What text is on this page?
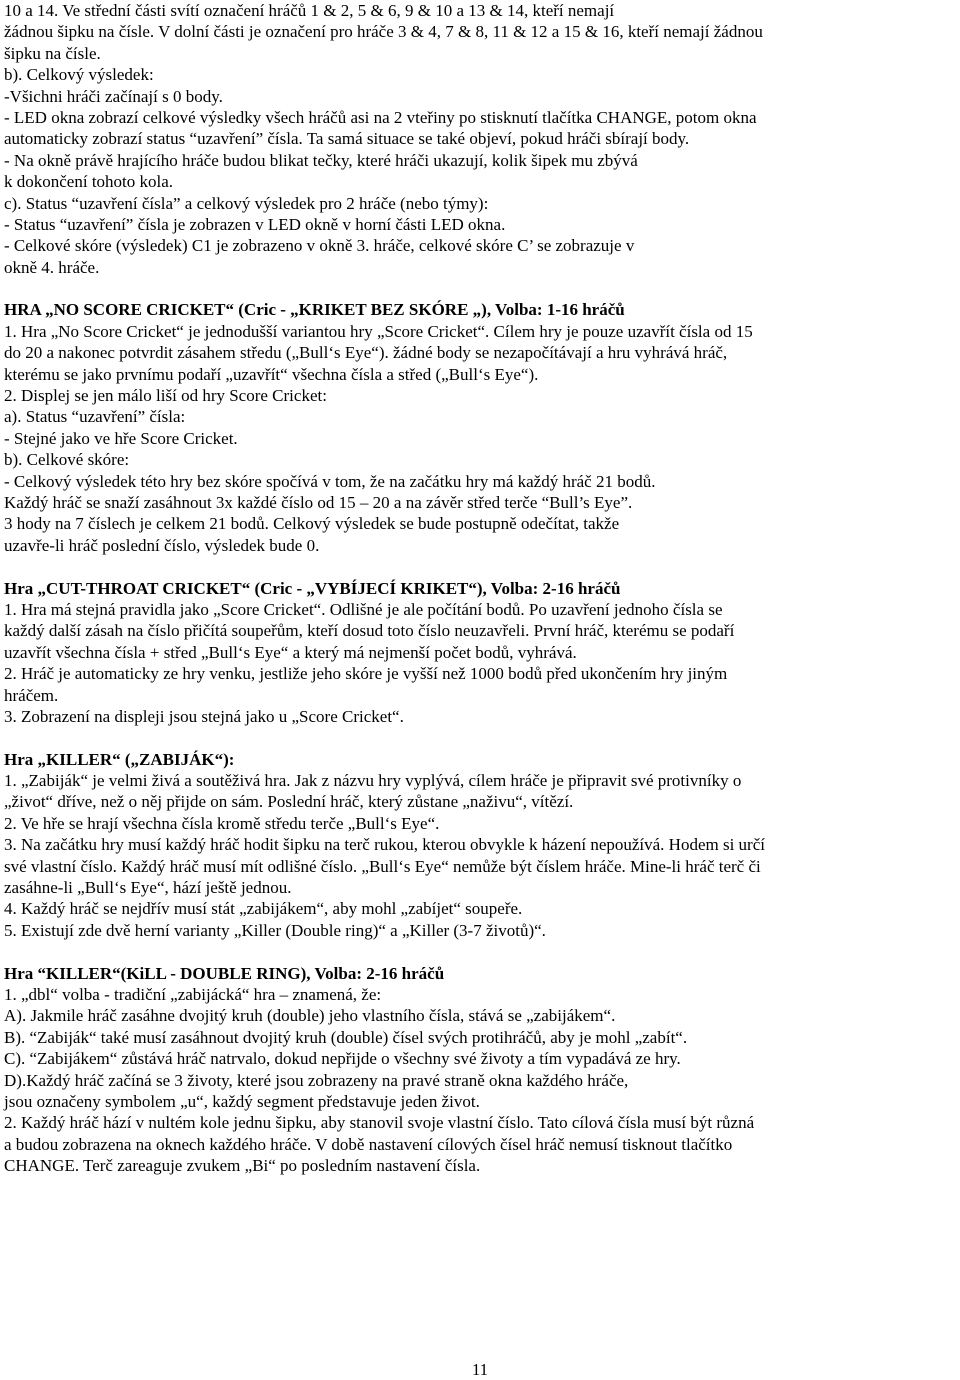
10 a 14. Ve střední části svítí označení hráčů 1 & 2, 5 & 6, 9 & 10 a 13 & 14, kteří nemají
žádnou šipku na čísle. V dolní části je označení pro hráče 3 & 4, 7 & 8, 11 & 12 a 15 & 16, kteří nemají žádnou
šipku na čísle.
b). Celkový výsledek:
-Všichni hráči začínají s 0 body.
- LED okna zobrazí celkové výsledky všech hráčů asi na 2 vteřiny po stisknutí tlačítka CHANGE, potom okna
automaticky zobrazí status “uzavření” čísla. Ta samá situace se také objeví, pokud hráči sbírají body.
- Na okně právě hrajícího hráče budou blikat tečky, které hráči ukazují, kolik šipek mu zbývá
k dokončení tohoto kola.
c). Status “uzavření čísla” a celkový výsledek pro 2 hráče (nebo týmy):
- Status “uzavření” čísla je zobrazen v LED okně v horní části LED okna.
- Celkové skóre (výsledek) C1 je zobrazeno v okně 3. hráče, celkové skóre C’ se zobrazuje v
okně 4. hráče.
HRA „NO SCORE CRICKET“ (Cric - „KRIKET BEZ SKÓRE „), Volba: 1-16 hráčů
1. Hra „No Score Cricket“ je jednodušší variantou hry „Score Cricket“. Cílem hry je pouze uzavřít čísla od 15
do 20 a nakonec potvrdit zásahem středu („Bull‘s Eye“). žádné body se nezapočítávají a hru vyhrává hráč,
kterému se jako prvnímu podaří „uzavřít“ všechna čísla a střed („Bull‘s Eye“).
2. Displej se jen málo liší od hry Score Cricket:
a). Status “uzavření” čísla:
- Stejné jako ve hře Score Cricket.
b). Celkové skóre:
- Celkový výsledek této hry bez skóre spočívá v tom, že na začátku hry má každý hráč 21 bodů.
Každý hráč se snaží zasáhnout 3x každé číslo od 15 – 20 a na závěr střed terče “Bull’s Eye”.
3 hody na 7 číslech je celkem 21 bodů. Celkový výsledek se bude postupně odečítat, takže
uzavře-li hráč poslední číslo, výsledek bude 0.
Hra „CUT-THROAT CRICKET“ (Cric - „VYBÍJECÍ KRIKET“), Volba: 2-16 hráčů
1. Hra má stejná pravidla jako „Score Cricket“. Odlišné je ale počítání bodů. Po uzavření jednoho čísla se
každý další zásah na číslo přičítá soupeřům, kteří dosud toto číslo neuzavřeli. První hráč, kterému se podaří
uzavřít všechna čísla + střed „Bull‘s Eye“ a který má nejmenší počet bodů, vyhrává.
2. Hráč je automaticky ze hry venku, jestliže jeho skóre je vyšší než 1000 bodů před ukončením hry jiným
hráčem.
3. Zobrazení na displeji jsou stejná jako u „Score Cricket“.
Hra „KILLER“ („ZABIJÁK“):
1. „Zabiják“ je velmi živá a soutěživá hra. Jak z názvu hry vyplývá, cílem hráče je připravit své protivníky o
„život“ dříve, než o něj přijde on sám. Poslední hráč, který zůstane „naživu“, vítězí.
2. Ve hře se hrají všechna čísla kromě středu terče „Bull‘s Eye“.
3. Na začátku hry musí každý hráč hodit šipku na terč rukou, kterou obvykle k házení nepoužívá. Hodem si určí
své vlastní číslo. Každý hráč musí mít odlišné číslo. „Bull‘s Eye“ nemůže být číslem hráče. Mine-li hráč terč či
zasáhne-li „Bull‘s Eye“, hází ještě jednou.
4. Každý hráč se nejdřív musí stát „zabijákem“, aby mohl „zabíjet“ soupeře.
5. Existují zde dvě herní varianty „Killer (Double ring)“ a „Killer (3-7 životů)“.
Hra “KILLER“(KiLL - DOUBLE RING), Volba: 2-16 hráčů
1. „dbl“ volba - tradiční „zabijácká“ hra – znamená, že:
A). Jakmile hráč zasáhne dvojitý kruh (double) jeho vlastního čísla, stává se „zabijákem“.
B). “Zabiják“ také musí zasáhnout dvojitý kruh (double) čísel svých protihráčů, aby je mohl „zabít“.
C). “Zabijákem“ zůstává hráč natrvalo, dokud nepřijde o všechny své životy a tím vypadává ze hry.
D).Každý hráč začíná se 3 životy, které jsou zobrazeny na pravé straně okna každého hráče,
jsou označeny symbolem „u“, každý segment představuje jeden život.
2. Každý hráč hází v nultém kole jednu šipku, aby stanovil svoje vlastní číslo. Tato cílová čísla musí být různá
a budou zobrazena na oknech každého hráče. V době nastavení cílových čísel hráč nemusí tisknout tlačítko
CHANGE. Terč zareaguje zvukem „Bi“ po posledním nastavení čísla.
11
